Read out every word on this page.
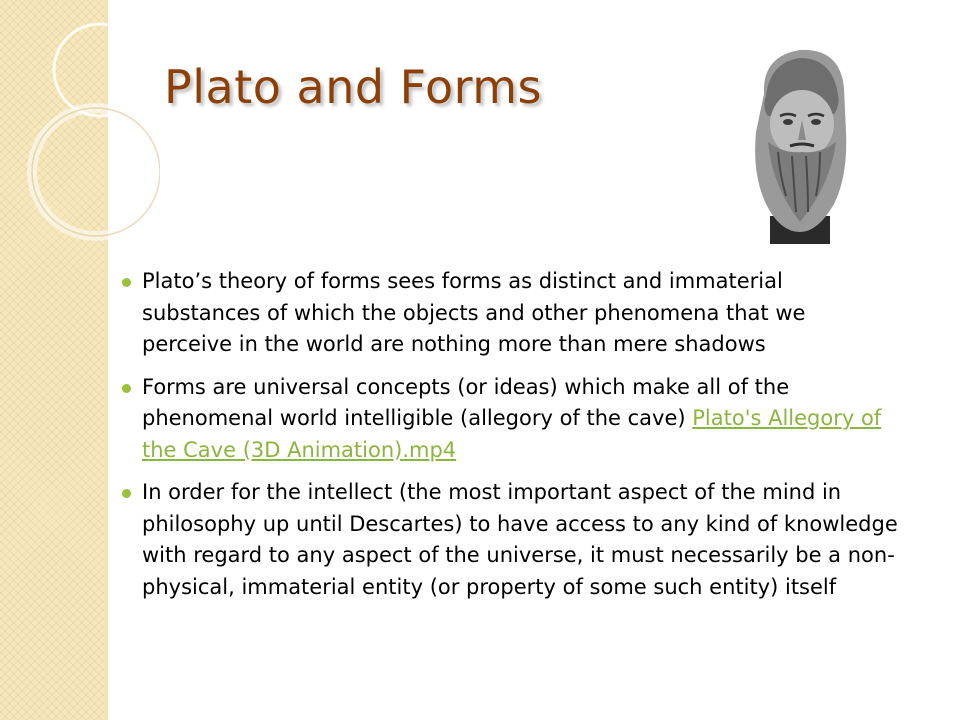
Plato and Forms
Plato’s theory of forms sees forms as distinct and immaterial substances of which the objects and other phenomena that we perceive in the world are nothing more than mere shadows
Forms are universal concepts (or ideas) which make all of the phenomenal world intelligible (allegory of the cave) Plato's Allegory of the Cave (3D Animation).mp4
In order for the intellect (the most important aspect of the mind in philosophy up until Descartes) to have access to any kind of knowledge with regard to any aspect of the universe, it must necessarily be a non-physical, immaterial entity (or property of some such entity) itself
